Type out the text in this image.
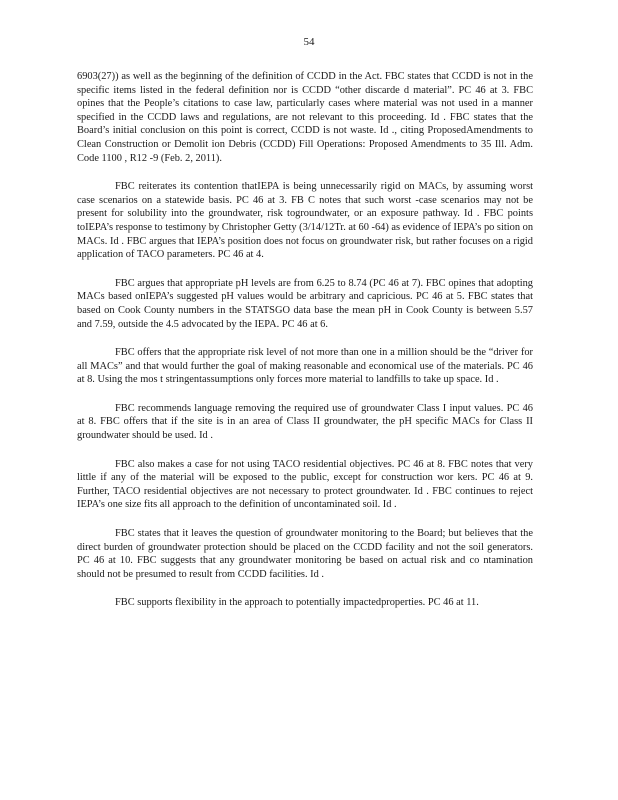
54

6903(27)) as well as the beginning of the definition of CCDD in the Act. FBC states that CCDD is not in the specific items listed in the federal definition nor is CCDD “other discarde d material”. PC 46 at 3. FBC opines that the People’s citations to case law, particularly cases where material was not used in a manner specified in the CCDD laws and regulations, are not relevant to this proceeding. Id . FBC states that the Board’s initial conclusion on this point is correct, CCDD is not waste. Id ., citing ProposedAmendments to Clean Construction or Demolit ion Debris (CCDD) Fill Operations: Proposed Amendments to 35 Ill. Adm. Code 1100 , R12 -9 (Feb. 2, 2011).

FBC reiterates its contention thatIEPA is being unnecessarily rigid on MACs, by assuming worst case scenarios on a statewide basis. PC 46 at 3. FB C notes that such worst -case scenarios may not be present for solubility into the groundwater, risk togroundwater, or an exposure pathway. Id . FBC points toIEPA’s response to testimony by Christopher Getty (3/14/12Tr. at 60 -64) as evidence of IEPA’s po sition on MACs. Id . FBC argues that IEPA’s position does not focus on groundwater risk, but rather focuses on a rigid application of TACO parameters. PC 46 at 4.

FBC argues that appropriate pH levels are from 6.25 to 8.74 (PC 46 at 7). FBC opines that adopting MACs based onIEPA’s suggested pH values would be arbitrary and capricious. PC 46 at 5. FBC states that based on Cook County numbers in the STATSGO data base the mean pH in Cook County is between 5.57 and 7.59, outside the 4.5 advocated by the IEPA. PC 46 at 6.

FBC offers that the appropriate risk level of not more than one in a million should be the “driver for all MACs” and that would further the goal of making reasonable and economical use of the materials. PC 46 at 8. Using the mos t stringentassumptions only forces more material to landfills to take up space. Id .

FBC recommends language removing the required use of groundwater Class I input values. PC 46 at 8. FBC offers that if the site is in an area of Class II groundwater, the pH specific MACs for Class II groundwater should be used. Id .

FBC also makes a case for not using TACO residential objectives. PC 46 at 8. FBC notes that very little if any of the material will be exposed to the public, except for construction wor kers. PC 46 at 9. Further, TACO residential objectives are not necessary to protect groundwater. Id . FBC continues to reject IEPA’s one size fits all approach to the definition of uncontaminated soil. Id .

FBC states that it leaves the question of groundwater monitoring to the Board; but believes that the direct burden of groundwater protection should be placed on the CCDD facility and not the soil generators. PC 46 at 10. FBC suggests that any groundwater monitoring be based on actual risk and co ntamination should not be presumed to result from CCDD facilities. Id .

FBC supports flexibility in the approach to potentially impactedproperties. PC 46 at 11.
